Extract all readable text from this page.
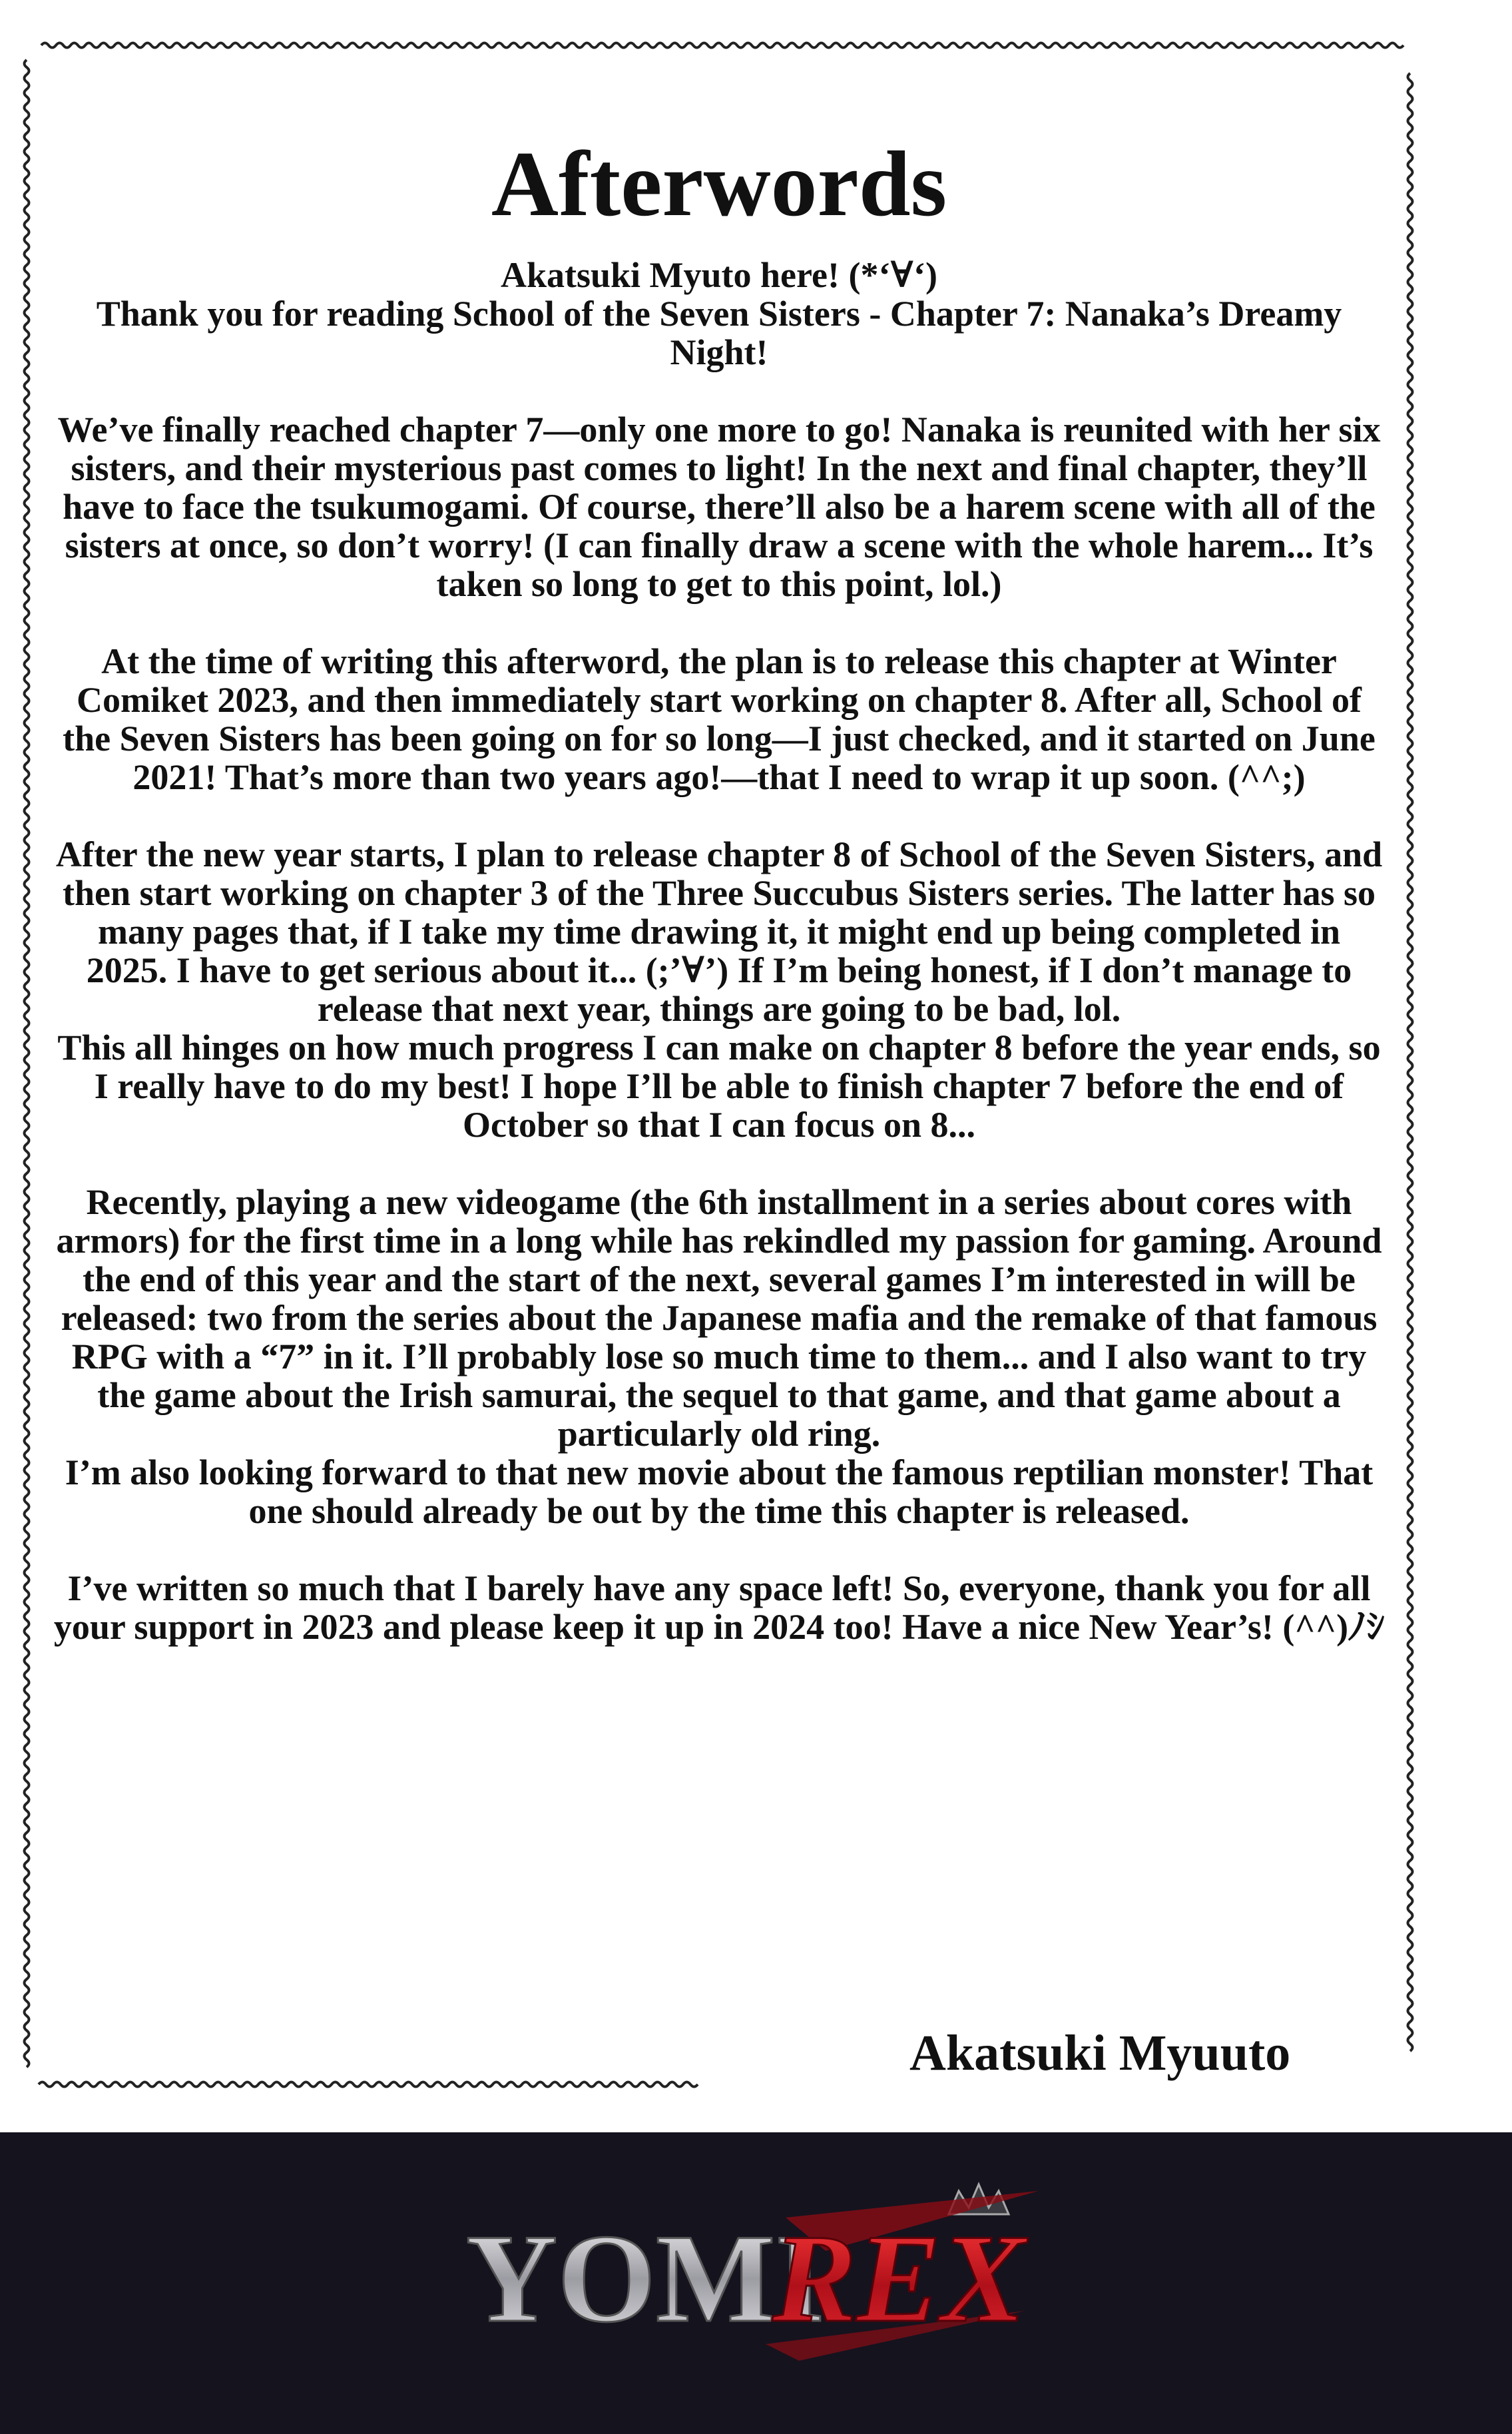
Afterwords

Akatsuki Myuto here! (*‘∀‘)

Thank you for reading School of the Seven Sisters - Chapter 7: Nanaka’s Dreamy Night!

We’ve finally reached chapter 7—only one more to go! Nanaka is reunited with her six sisters, and their mysterious past comes to light! In the next and final chapter, they’ll have to face the tsukumogami. Of course, there’ll also be a harem scene with all of the sisters at once, so don’t worry! (I can finally draw a scene with the whole harem... It’s taken so long to get to this point, lol.)

At the time of writing this afterword, the plan is to release this chapter at Winter Comiket 2023, and then immediately start working on chapter 8. After all, School of the Seven Sisters has been going on for so long—I just checked, and it started on June 2021! That’s more than two years ago!—that I need to wrap it up soon. (^^;)

After the new year starts, I plan to release chapter 8 of School of the Seven Sisters, and then start working on chapter 3 of the Three Succubus Sisters series. The latter has so many pages that, if I take my time drawing it, it might end up being completed in 2025. I have to get serious about it... (;’∀’) If I’m being honest, if I don’t manage to release that next year, things are going to be bad, lol.

This all hinges on how much progress I can make on chapter 8 before the year ends, so I really have to do my best! I hope I’ll be able to finish chapter 7 before the end of October so that I can focus on 8...

Recently, playing a new videogame (the 6th installment in a series about cores with armors) for the first time in a long while has rekindled my passion for gaming. Around the end of this year and the start of the next, several games I’m interested in will be released: two from the series about the Japanese mafia and the remake of that famous RPG with a “7” in it. I’ll probably lose so much time to them... and I also want to try the game about the Irish samurai, the sequel to that game, and that game about a particularly old ring.

I’m also looking forward to that new movie about the famous reptilian monster! That one should already be out by the time this chapter is released.

I’ve written so much that I barely have any space left! So, everyone, thank you for all your support in 2023 and please keep it up in 2024 too! Have a nice New Year’s! (^^)ﾉｼ

Akatsuki Myuuto
YOMI
REX
